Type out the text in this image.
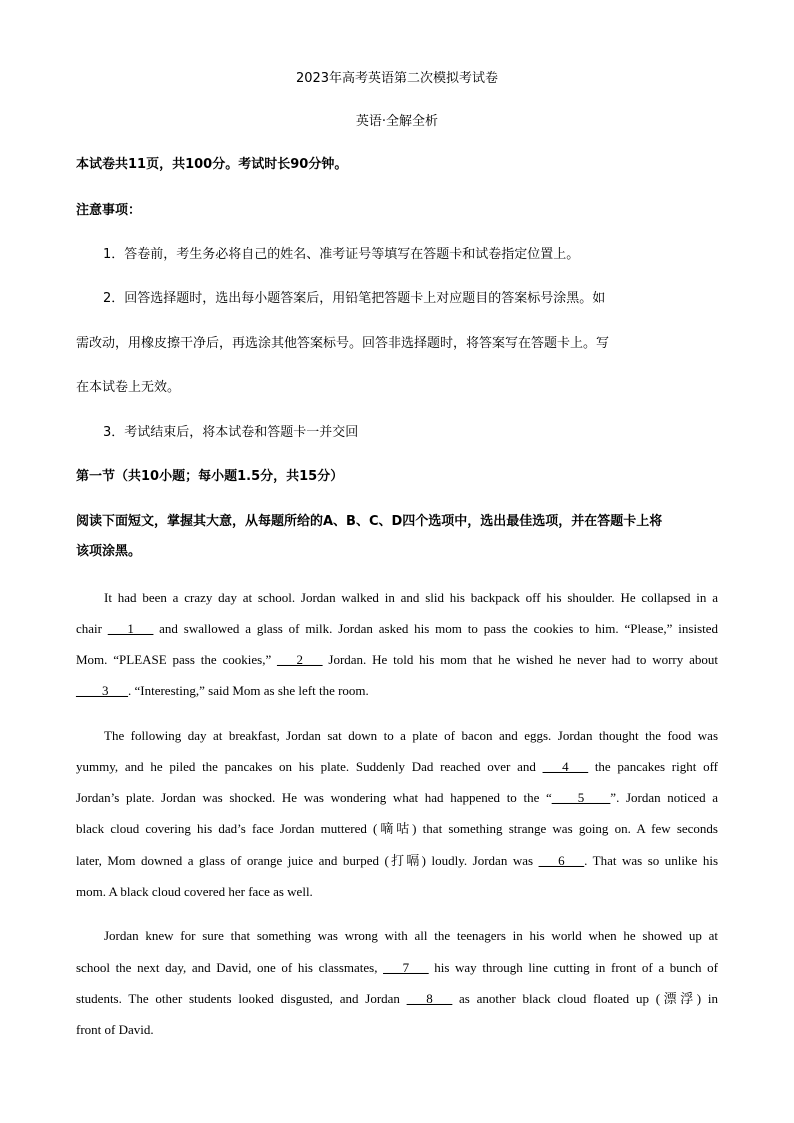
2023年高考英语第二次模拟考试卷
英语·全解全析
本试卷共11页，共100分。考试时长90分钟。
注意事项：
1．答卷前，考生务必将自己的姓名、准考证号等填写在答题卡和试卷指定位置上。
2．回答选择题时，选出每小题答案后，用铅笔把答题卡上对应题目的答案标号涂黑。如
需改动，用橡皮擦干净后，再选涂其他答案标号。回答非选择题时，将答案写在答题卡上。写
在本试卷上无效。
3．考试结束后，将本试卷和答题卡一并交回
第一节（共10小题；每小题1.5分，共15分）
阅读下面短文，掌握其大意，从每题所给的A、B、C、D四个选项中，选出最佳选项，并在答题卡上将
该项涂黑。
It had been a crazy day at school. Jordan walked in and slid his backpack off his shoulder. He collapsed in a
chair ___1___ and swallowed a glass of milk. Jordan asked his mom to pass the cookies to him. “Please,” insisted
Mom. “PLEASE pass the cookies,” ___2___ Jordan. He told his mom that he wished he never had to worry about
____3___. “Interesting,” said Mom as she left the room.
The following day at breakfast, Jordan sat down to a plate of bacon and eggs. Jordan thought the food was
yummy, and he piled the pancakes on his plate. Suddenly Dad reached over and ___4___ the pancakes right off
Jordan’s plate. Jordan was shocked. He was wondering what had happened to the “____5____”. Jordan noticed a
black cloud covering his dad’s face Jordan muttered (嘀咕) that something strange was going on. A few seconds
later, Mom downed a glass of orange juice and burped (打嗝) loudly. Jordan was ___6___. That was so unlike his
mom. A black cloud covered her face as well.
Jordan knew for sure that something was wrong with all the teenagers in his world when he showed up at
school the next day, and David, one of his classmates, ___7___ his way through line cutting in front of a bunch of
students. The other students looked disgusted, and Jordan ___8___ as another black cloud floated up (漂浮) in
front of David.
